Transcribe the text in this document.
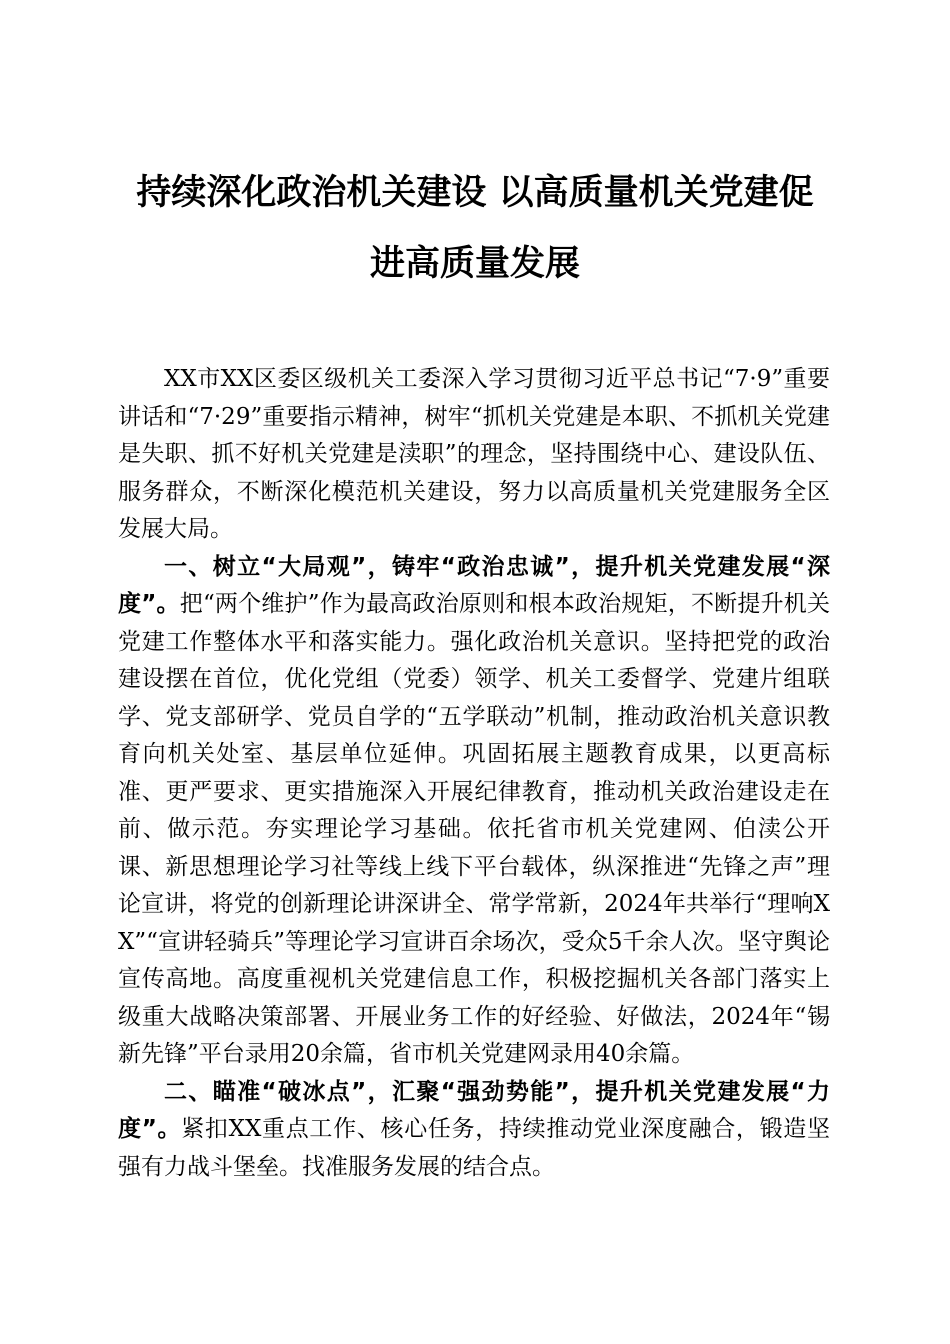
持续深化政治机关建设 以高质量机关党建促
进高质量发展

XX市XX区委区级机关工委深入学习贯彻习近平总书记“7·9”重要讲话和“7·29”重要指示精神，树牢“抓机关党建是本职、不抓机关党建是失职、抓不好机关党建是渎职”的理念，坚持围绕中心、建设队伍、服务群众，不断深化模范机关建设，努力以高质量机关党建服务全区发展大局。

一、树立“大局观”，铸牢“政治忠诚”，提升机关党建发展“深度”。把“两个维护”作为最高政治原则和根本政治规矩，不断提升机关党建工作整体水平和落实能力。强化政治机关意识。坚持把党的政治建设摆在首位，优化党组（党委）领学、机关工委督学、党建片组联学、党支部研学、党员自学的“五学联动”机制，推动政治机关意识教育向机关处室、基层单位延伸。巩固拓展主题教育成果，以更高标准、更严要求、更实措施深入开展纪律教育，推动机关政治建设走在前、做示范。夯实理论学习基础。依托省市机关党建网、伯渎公开课、新思想理论学习社等线上线下平台载体，纵深推进“先锋之声”理论宣讲，将党的创新理论讲深讲全、常学常新，2024年共举行“理响XX”“宣讲轻骑兵”等理论学习宣讲百余场次，受众5千余人次。坚守舆论宣传高地。高度重视机关党建信息工作，积极挖掘机关各部门落实上级重大战略决策部署、开展业务工作的好经验、好做法，2024年“锡新先锋”平台录用20余篇，省市机关党建网录用40余篇。

二、瞄准“破冰点”，汇聚“强劲势能”，提升机关党建发展“力度”。紧扣XX重点工作、核心任务，持续推动党业深度融合，锻造坚强有力战斗堡垒。找准服务发展的结合点。
